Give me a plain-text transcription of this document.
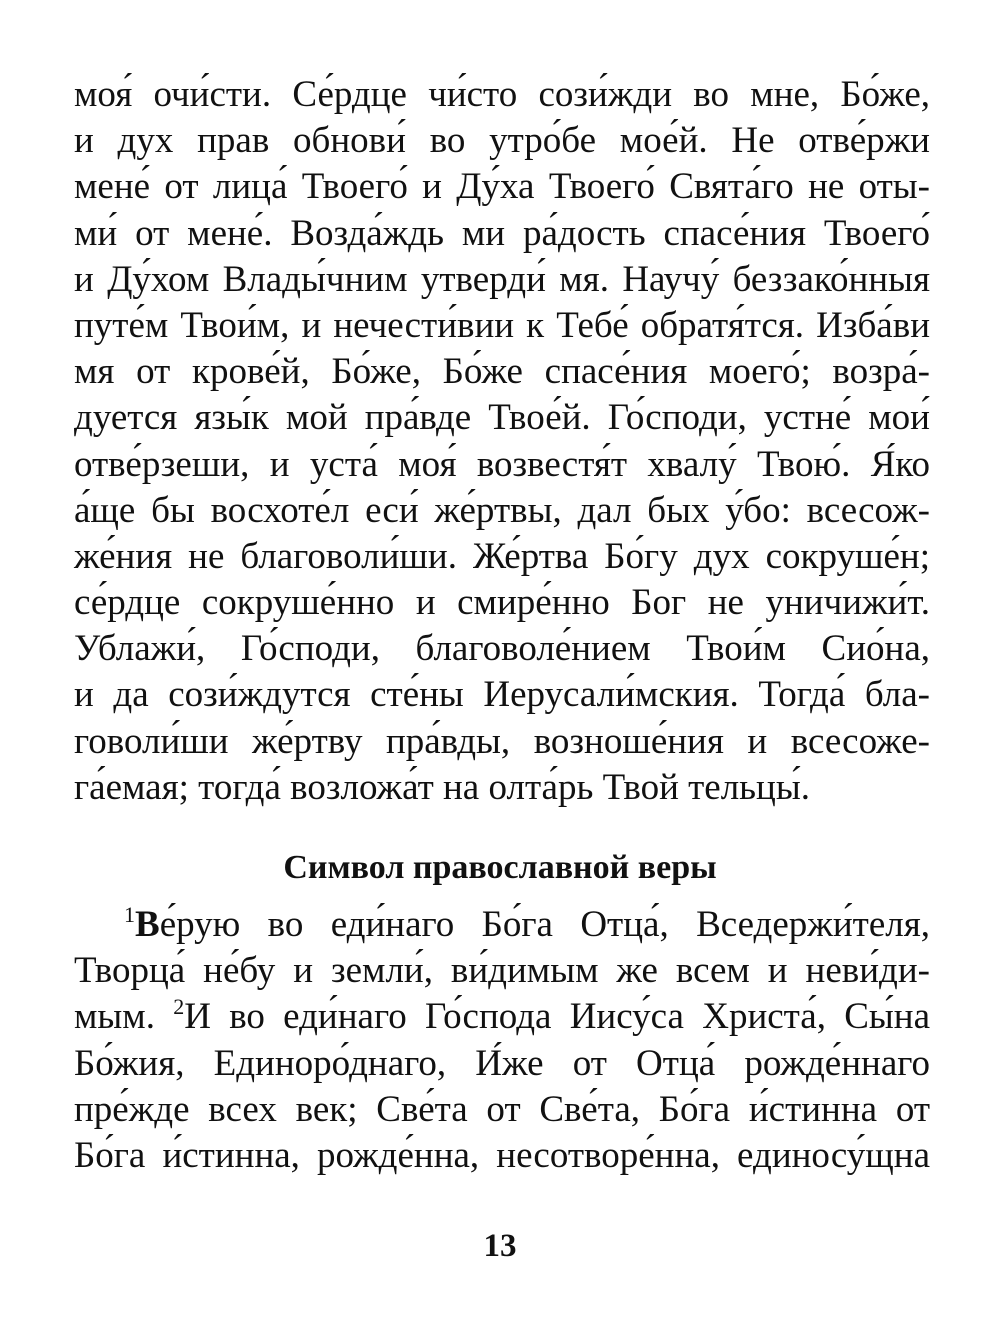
моя́ очи́сти. Се́рдце чи́сто сози́жди во мне, Бо́же,
и дух прав обнови́ во утро́бе мое́й. Не отве́ржи
мене́ от лица́ Твоего́ и Ду́ха Твоего́ Свята́го не оты-
ми́ от мене́. Возда́ждь ми ра́дость спасе́ния Твоего́
и Ду́хом Влады́чним утверди́ мя. Научу́ беззако́нныя
путе́м Твои́м, и нечести́вии к Тебе́ обратя́тся. Изба́ви
мя от крове́й, Бо́же, Бо́же спасе́ния моего́; возра́-
дуется язы́к мой пра́вде Твое́й. Го́споди, устне́ мои́
отве́рзеши, и уста́ моя́ возвестя́т хвалу́ Твою́. Я́ко
а́ще бы восхоте́л еси́ же́ртвы, дал бых у́бо: всесож-
же́ния не благоволи́ши. Же́ртва Бо́гу дух сокруше́н;
се́рдце сокруше́нно и смире́нно Бог не уничижи́т.
Ублажи́, Го́споди, благоволе́нием Твои́м Сио́на,
и да сози́ждутся сте́ны Иерусали́мския. Тогда́ бла-
говоли́ши же́ртву пра́вды, возноше́ния и всесоже-
га́емая; тогда́ возложа́т на олта́рь Твой тельцы́.
Символ православной веры
$^1$Ве́рую во еди́наго Бо́га Отца́, Вседержи́теля,
Творца́ не́бу и земли́, ви́димым же всем и неви́ди-
мым. $^2$И во еди́наго Го́спода Иису́са Христа́, Сы́на
Бо́жия, Единоро́днаго, И́же от Отца́ рожде́ннаго
пре́жде всех век; Све́та от Све́та, Бо́га и́стинна от
Бо́га и́стинна, рожде́нна, несотворе́нна, единосу́щна
13
